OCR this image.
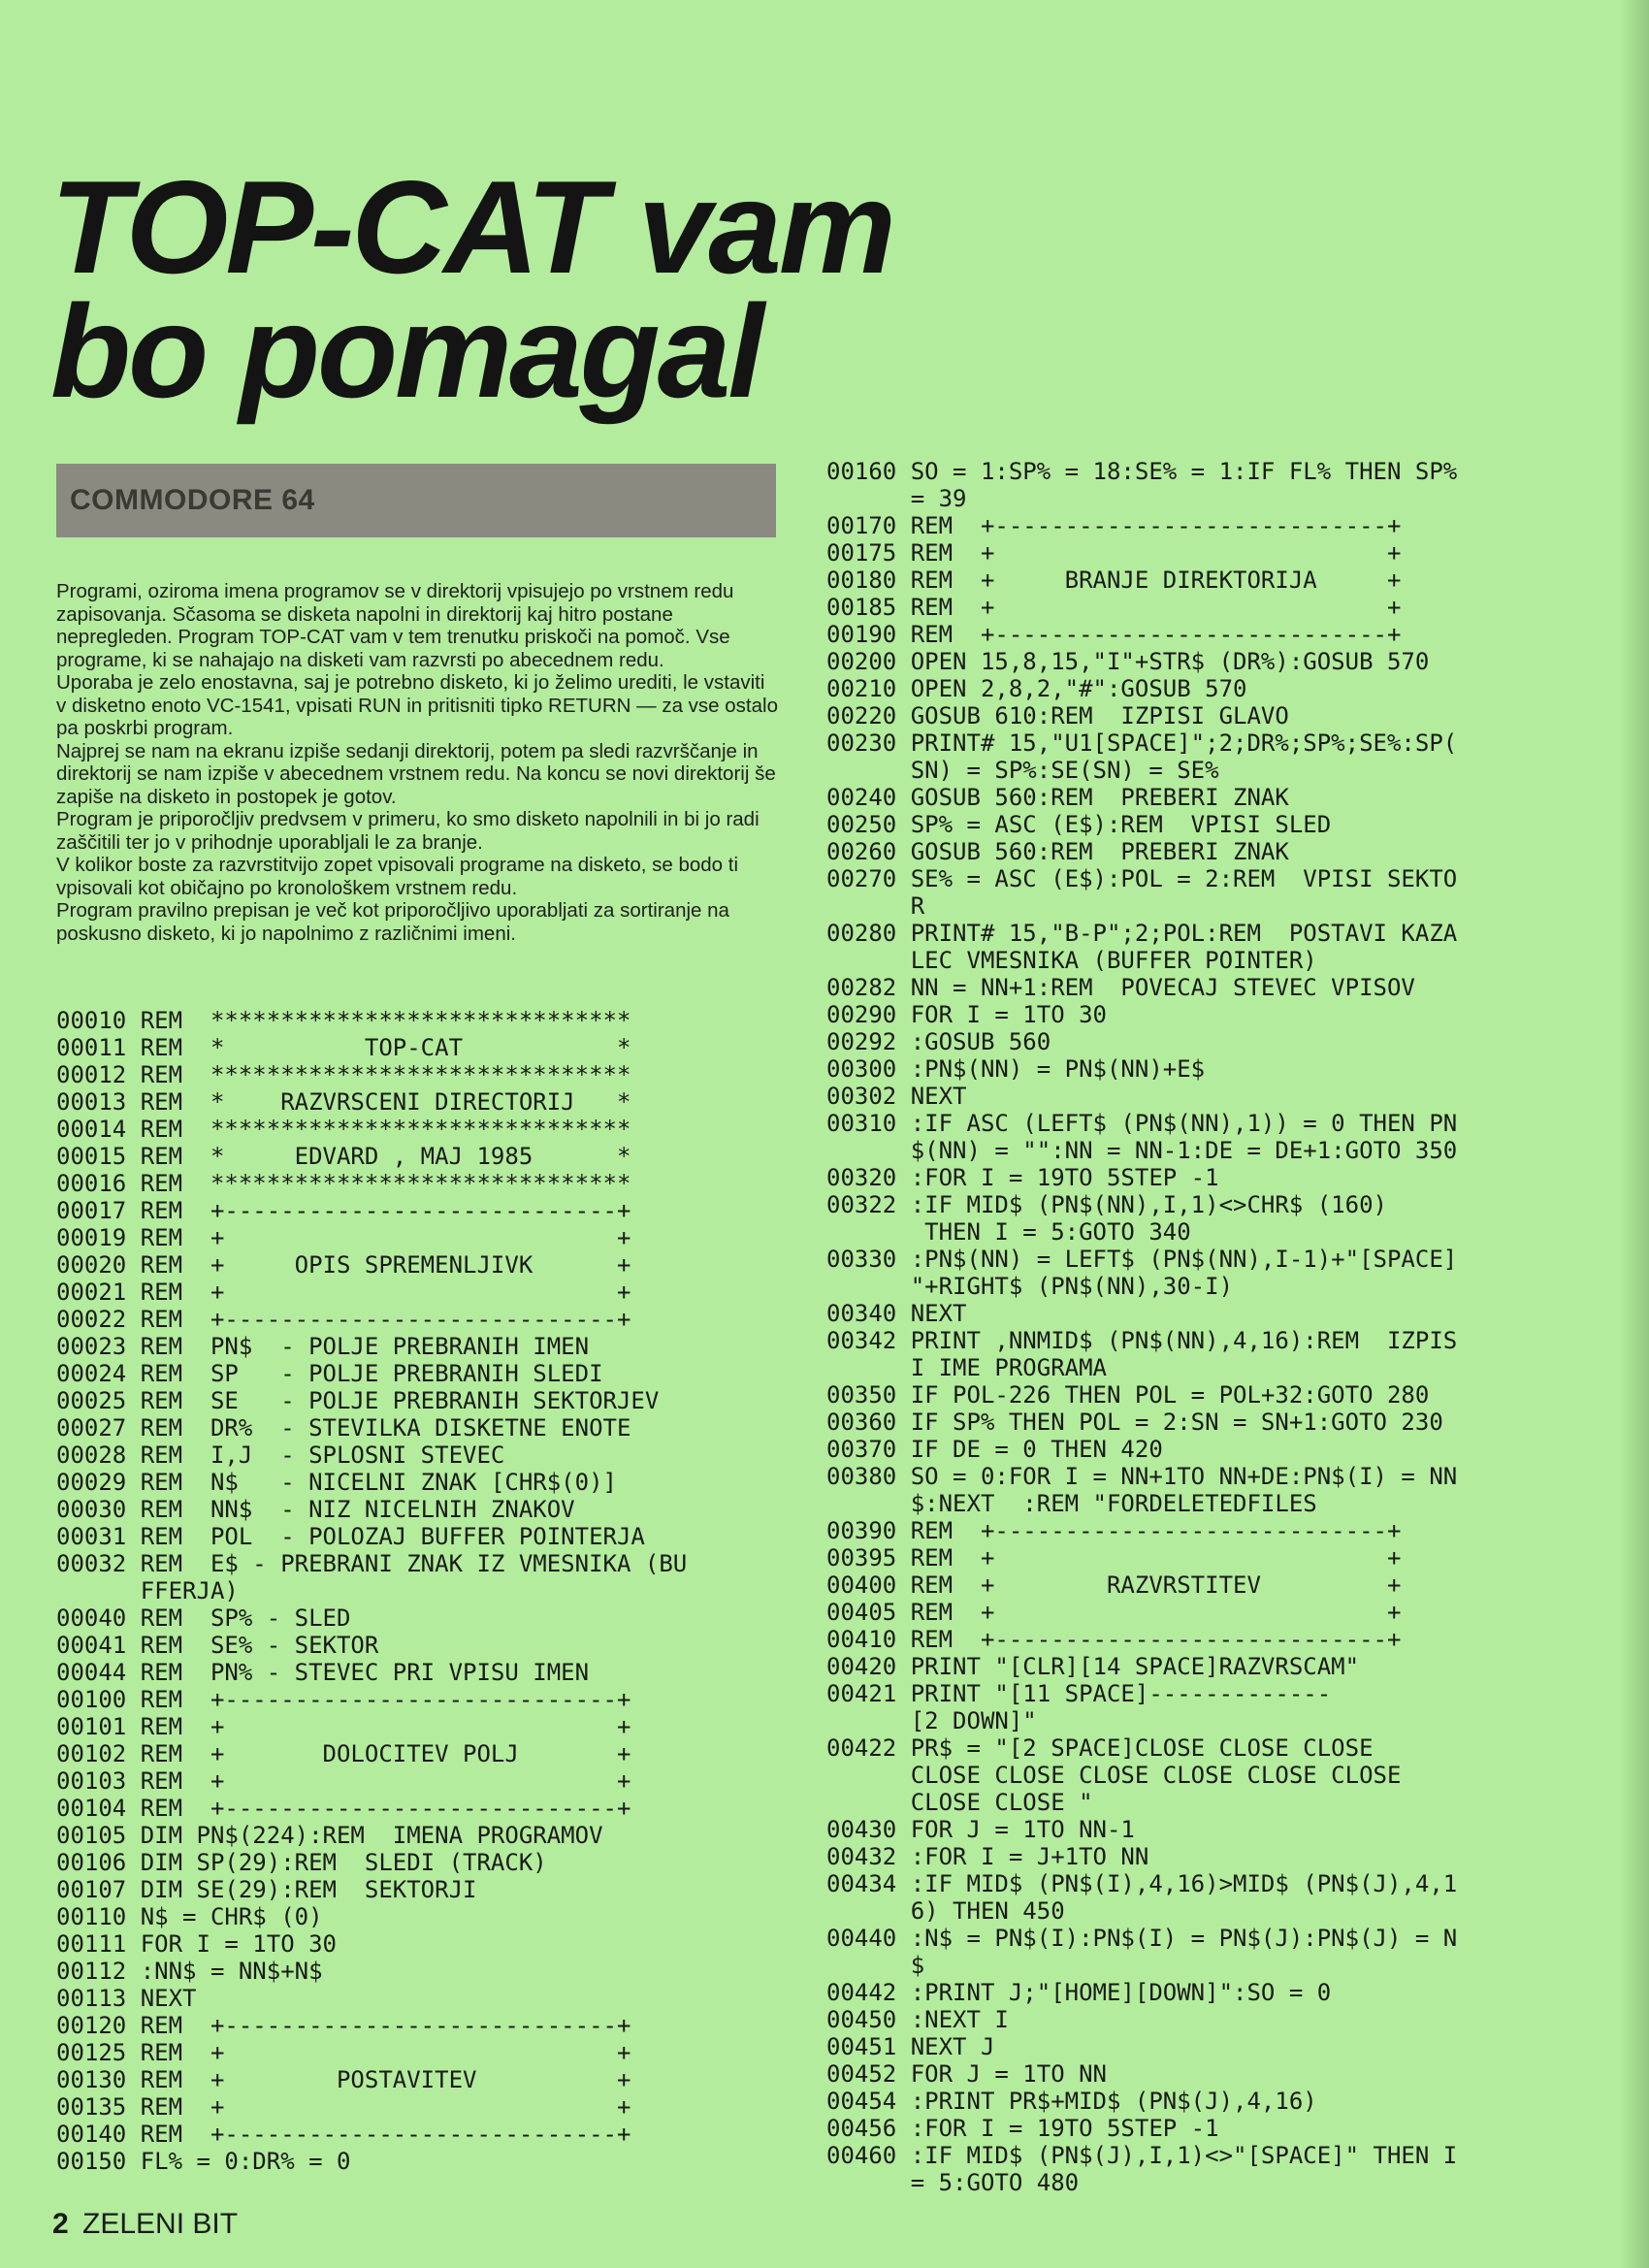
TOP-CAT vam
bo pomagal
COMMODORE 64

Programi, oziroma imena programov se v direktorij vpisujejo po vrstnem redu zapisovanja. Sčasoma se disketa napolni in direktorij kaj hitro postane nepregleden. Program TOP-CAT vam v tem trenutku priskoči na pomoč. Vse programe, ki se nahajajo na disketi vam razvrsti po abecednem redu.

Uporaba je zelo enostavna, saj je potrebno disketo, ki jo želimo urediti, le vstaviti v disketno enoto VC-1541, vpisati RUN in pritisniti tipko RETURN — za vse ostalo pa poskrbi program.

Najprej se nam na ekranu izpiše sedanji direktorij, potem pa sledi razvrščanje in direktorij se nam izpiše v abecednem vrstnem redu. Na koncu se novi direktorij še zapiše na disketo in postopek je gotov.

Program je priporočljiv predvsem v primeru, ko smo disketo napolnili in bi jo radi zaščitili ter jo v prihodnje uporabljali le za branje.

V kolikor boste za razvrstitvijo zopet vpisovali programe na disketo, se bodo ti vpisovali kot običajno po kronološkem vrstnem redu.

Program pravilno prepisan je več kot priporočljivo uporabljati za sortiranje na poskusno disketo, ki jo napolnimo z različnimi imeni.

00010 REM  ******************************
00011 REM  *          TOP-CAT           *
00012 REM  ******************************
00013 REM  *    RAZVRSCENI DIRECTORIJ   *
00014 REM  ******************************
00015 REM  *     EDVARD , MAJ 1985      *
00016 REM  ******************************
00017 REM  +----------------------------+
00019 REM  +                            +
00020 REM  +     OPIS SPREMENLJIVK      +
00021 REM  +                            +
00022 REM  +----------------------------+
00023 REM  PN$  - POLJE PREBRANIH IMEN
00024 REM  SP   - POLJE PREBRANIH SLEDI
00025 REM  SE   - POLJE PREBRANIH SEKTORJEV
00027 REM  DR%  - STEVILKA DISKETNE ENOTE
00028 REM  I,J  - SPLOSNI STEVEC
00029 REM  N$   - NICELNI ZNAK [CHR$(0)]
00030 REM  NN$  - NIZ NICELNIH ZNAKOV
00031 REM  POL  - POLOZAJ BUFFER POINTERJA
00032 REM  E$ - PREBRANI ZNAK IZ VMESNIKA (BU
FFERJA)
00040 REM  SP% - SLED
00041 REM  SE% - SEKTOR
00044 REM  PN% - STEVEC PRI VPISU IMEN
00100 REM  +----------------------------+
00101 REM  +                            +
00102 REM  +       DOLOCITEV POLJ       +
00103 REM  +                            +
00104 REM  +----------------------------+
00105 DIM PN$(224):REM  IMENA PROGRAMOV
00106 DIM SP(29):REM  SLEDI (TRACK)
00107 DIM SE(29):REM  SEKTORJI
00110 N$ = CHR$ (0)
00111 FOR I = 1TO 30
00112 :NN$ = NN$+N$
00113 NEXT
00120 REM  +----------------------------+
00125 REM  +                            +
00130 REM  +        POSTAVITEV          +
00135 REM  +                            +
00140 REM  +----------------------------+
00150 FL% = 0:DR% = 0
00160 SO = 1:SP% = 18:SE% = 1:IF FL% THEN SP%
= 39
00170 REM  +----------------------------+
00175 REM  +                            +
00180 REM  +     BRANJE DIREKTORIJA     +
00185 REM  +                            +
00190 REM  +----------------------------+
00200 OPEN 15,8,15,"I"+STR$ (DR%):GOSUB 570
00210 OPEN 2,8,2,"#":GOSUB 570
00220 GOSUB 610:REM  IZPISI GLAVO
00230 PRINT# 15,"U1[SPACE]";2;DR%;SP%;SE%:SP(
SN) = SP%:SE(SN) = SE%
00240 GOSUB 560:REM  PREBERI ZNAK
00250 SP% = ASC (E$):REM  VPISI SLED
00260 GOSUB 560:REM  PREBERI ZNAK
00270 SE% = ASC (E$):POL = 2:REM  VPISI SEKTO
R
00280 PRINT# 15,"B-P";2;POL:REM  POSTAVI KAZA
LEC VMESNIKA (BUFFER POINTER)
00282 NN = NN+1:REM  POVECAJ STEVEC VPISOV
00290 FOR I = 1TO 30
00292 :GOSUB 560
00300 :PN$(NN) = PN$(NN)+E$
00302 NEXT
00310 :IF ASC (LEFT$ (PN$(NN),1)) = 0 THEN PN
$(NN) = "":NN = NN-1:DE = DE+1:GOTO 350
00320 :FOR I = 19TO 5STEP -1
00322 :IF MID$ (PN$(NN),I,1)<>CHR$ (160)
THEN I = 5:GOTO 340
00330 :PN$(NN) = LEFT$ (PN$(NN),I-1)+"[SPACE]
"+RIGHT$ (PN$(NN),30-I)
00340 NEXT
00342 PRINT ,NNMID$ (PN$(NN),4,16):REM  IZPIS
I IME PROGRAMA
00350 IF POL-226 THEN POL = POL+32:GOTO 280
00360 IF SP% THEN POL = 2:SN = SN+1:GOTO 230
00370 IF DE = 0 THEN 420
00380 SO = 0:FOR I = NN+1TO NN+DE:PN$(I) = NN
$:NEXT  :REM "FORDELETEDFILES
00390 REM  +----------------------------+
00395 REM  +                            +
00400 REM  +        RAZVRSTITEV         +
00405 REM  +                            +
00410 REM  +----------------------------+
00420 PRINT "[CLR][14 SPACE]RAZVRSCAM"
00421 PRINT "[11 SPACE]-------------
[2 DOWN]"
00422 PR$ = "[2 SPACE]CLOSE CLOSE CLOSE
CLOSE CLOSE CLOSE CLOSE CLOSE CLOSE
CLOSE CLOSE "
00430 FOR J = 1TO NN-1
00432 :FOR I = J+1TO NN
00434 :IF MID$ (PN$(I),4,16)>MID$ (PN$(J),4,1
6) THEN 450
00440 :N$ = PN$(I):PN$(I) = PN$(J):PN$(J) = N
$
00442 :PRINT J;"[HOME][DOWN]":SO = 0
00450 :NEXT I
00451 NEXT J
00452 FOR J = 1TO NN
00454 :PRINT PR$+MID$ (PN$(J),4,16)
00456 :FOR I = 19TO 5STEP -1
00460 :IF MID$ (PN$(J),I,1)<>"[SPACE]" THEN I
= 5:GOTO 480
2 ZELENI BIT
